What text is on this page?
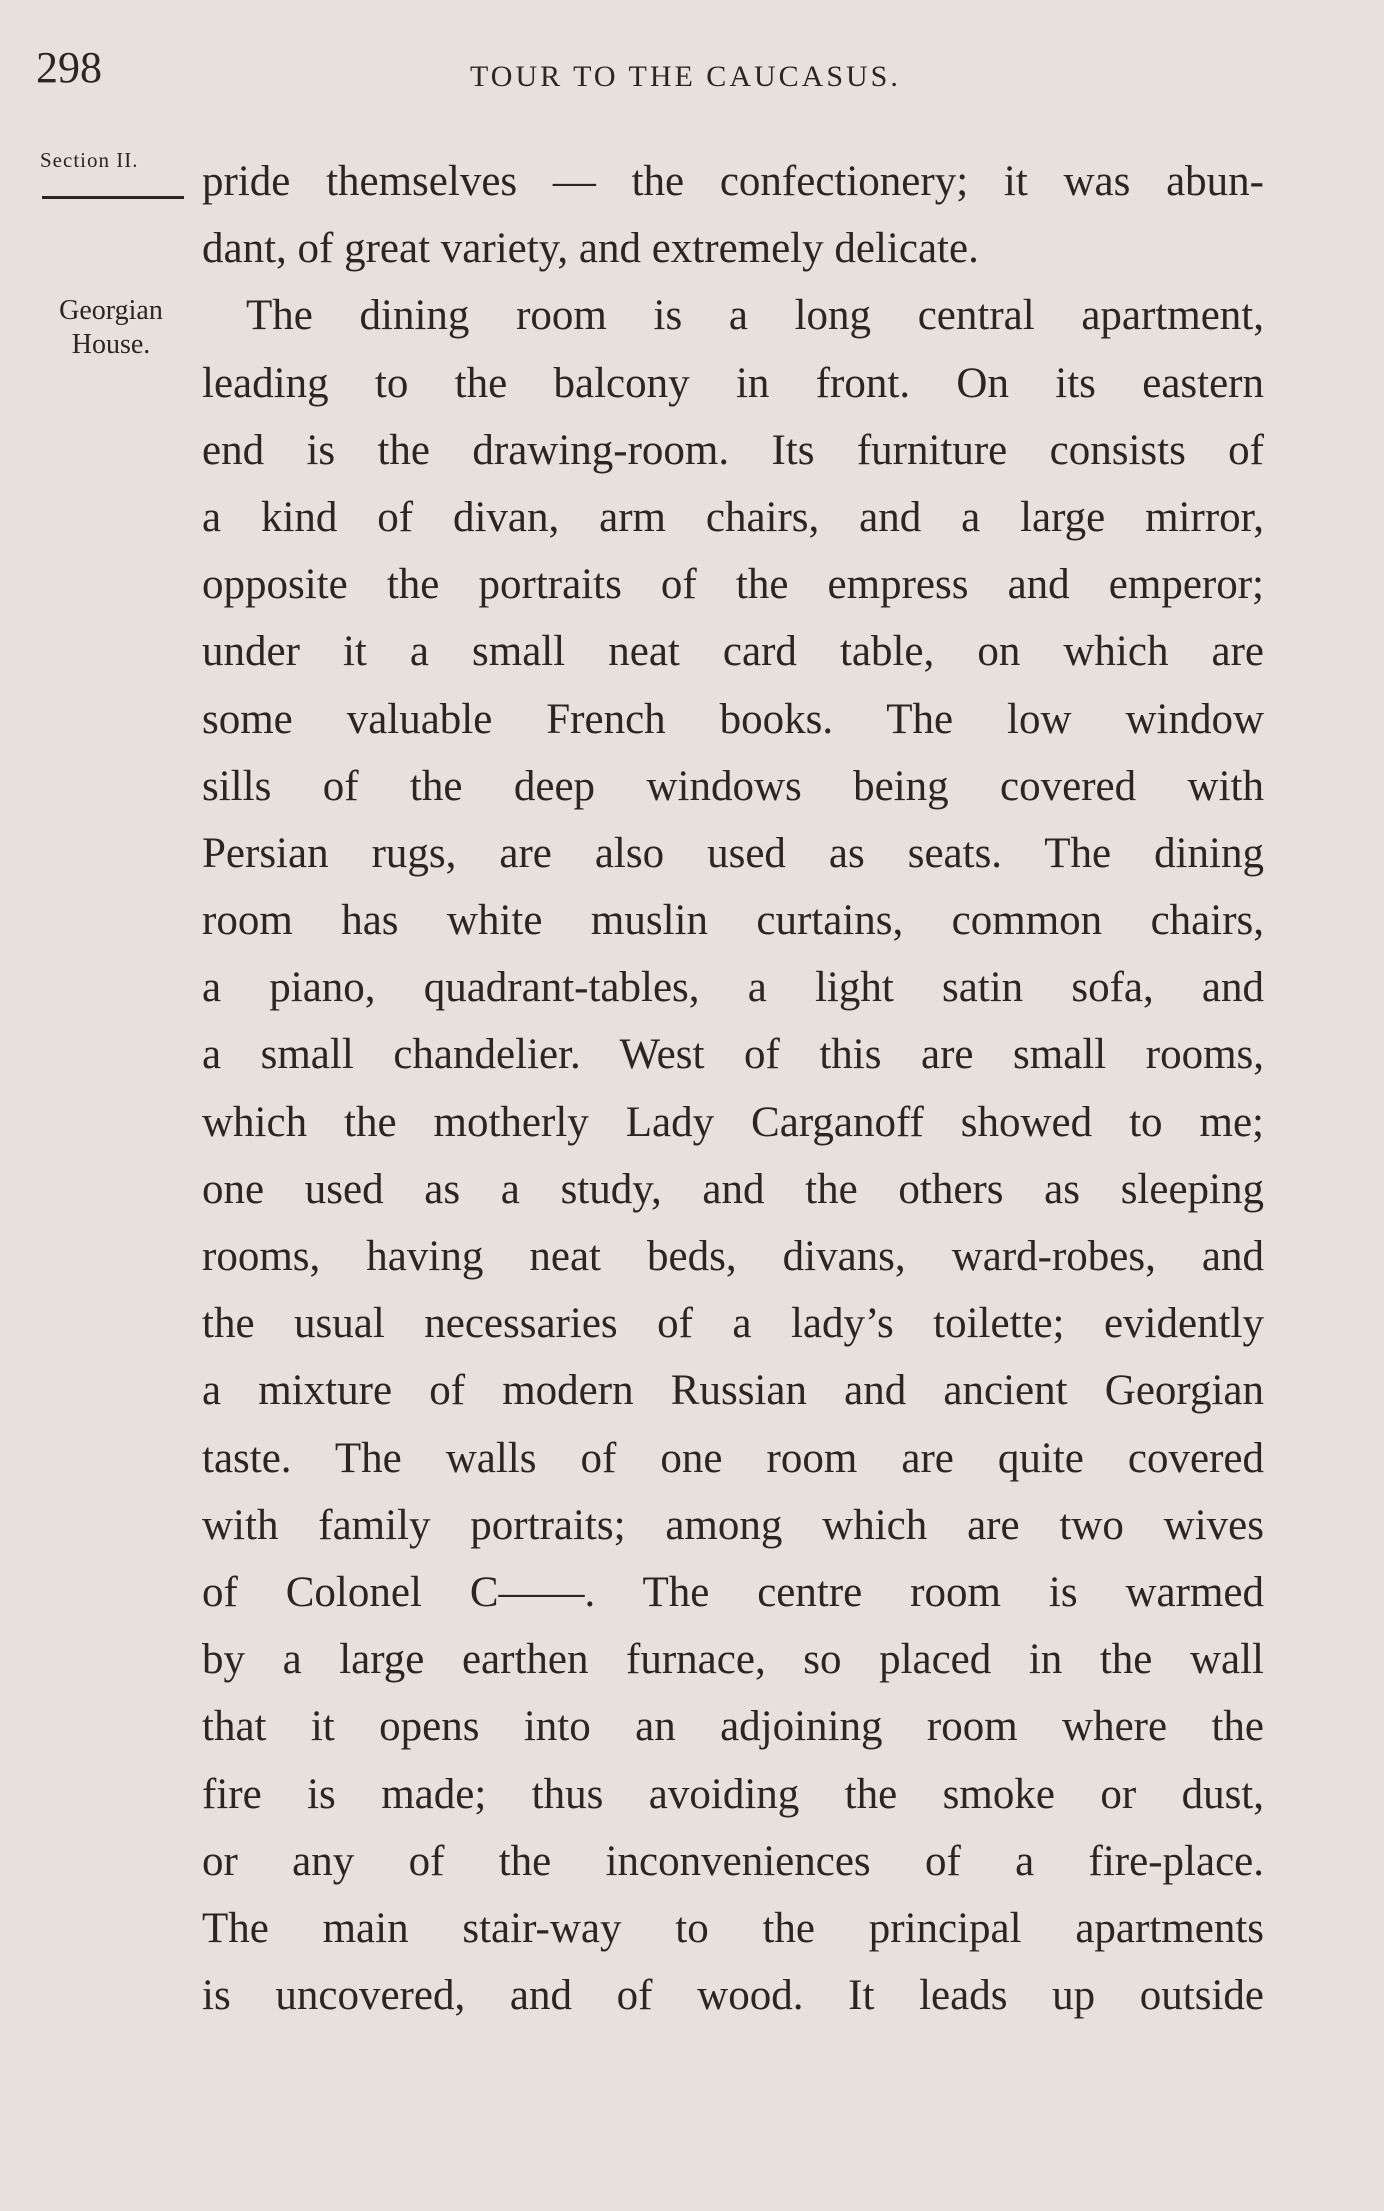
298	TOUR TO THE CAUCASUS.
Section II.
Georgian
House.
pride themselves — the confectionery; it was abun-
dant, of great variety, and extremely delicate.
The dining room is a long central apartment,
leading to the balcony in front. On its eastern
end is the drawing-room. Its furniture consists of
a kind of divan, arm chairs, and a large mirror,
opposite the portraits of the empress and emperor;
under it a small neat card table, on which are
some valuable French books. The low window
sills of the deep windows being covered with
Persian rugs, are also used as seats. The dining
room has white muslin curtains, common chairs,
a piano, quadrant-tables, a light satin sofa, and
a small chandelier. West of this are small rooms,
which the motherly Lady Carganoff showed to me;
one used as a study, and the others as sleeping
rooms, having neat beds, divans, ward-robes, and
the usual necessaries of a lady’s toilette; evidently
a mixture of modern Russian and ancient Georgian
taste. The walls of one room are quite covered
with family portraits; among which are two wives
of Colonel C——. The centre room is warmed
by a large earthen furnace, so placed in the wall
that it opens into an adjoining room where the
fire is made; thus avoiding the smoke or dust,
or any of the inconveniences of a fire-place.
The main stair-way to the principal apartments
is uncovered, and of wood. It leads up outside
